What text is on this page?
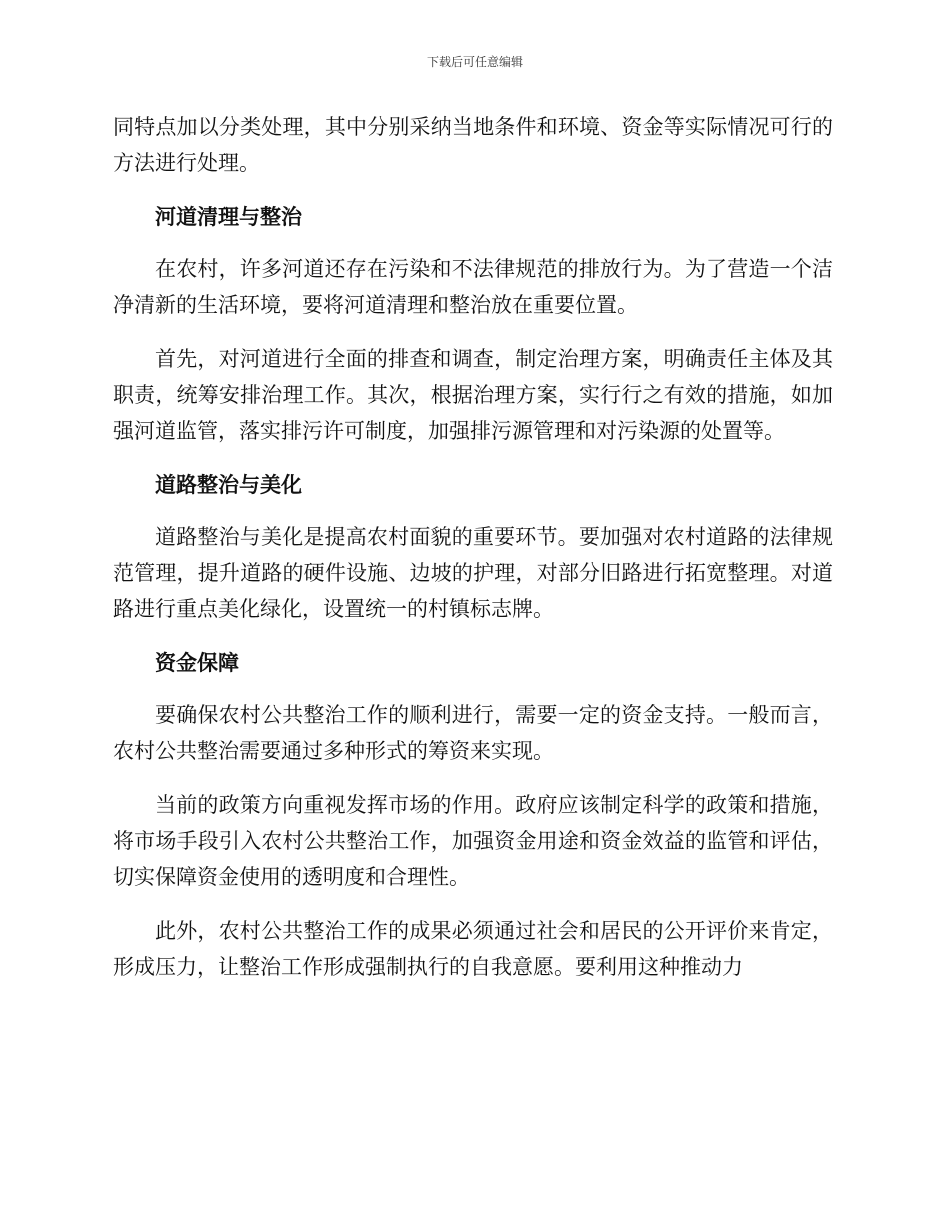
下载后可任意编辑

同特点加以分类处理，其中分别采纳当地条件和环境、资金等实际情况可行的方法进行处理。

河道清理与整治

在农村，许多河道还存在污染和不法律规范的排放行为。为了营造一个洁净清新的生活环境，要将河道清理和整治放在重要位置。

首先，对河道进行全面的排查和调查，制定治理方案，明确责任主体及其职责，统筹安排治理工作。其次，根据治理方案，实行行之有效的措施，如加强河道监管，落实排污许可制度，加强排污源管理和对污染源的处置等。

道路整治与美化

道路整治与美化是提高农村面貌的重要环节。要加强对农村道路的法律规范管理，提升道路的硬件设施、边坡的护理，对部分旧路进行拓宽整理。对道路进行重点美化绿化，设置统一的村镇标志牌。

资金保障

要确保农村公共整治工作的顺利进行，需要一定的资金支持。一般而言，农村公共整治需要通过多种形式的筹资来实现。

当前的政策方向重视发挥市场的作用。政府应该制定科学的政策和措施，将市场手段引入农村公共整治工作，加强资金用途和资金效益的监管和评估，切实保障资金使用的透明度和合理性。

此外，农村公共整治工作的成果必须通过社会和居民的公开评价来肯定，形成压力，让整治工作形成强制执行的自我意愿。要利用这种推动力
